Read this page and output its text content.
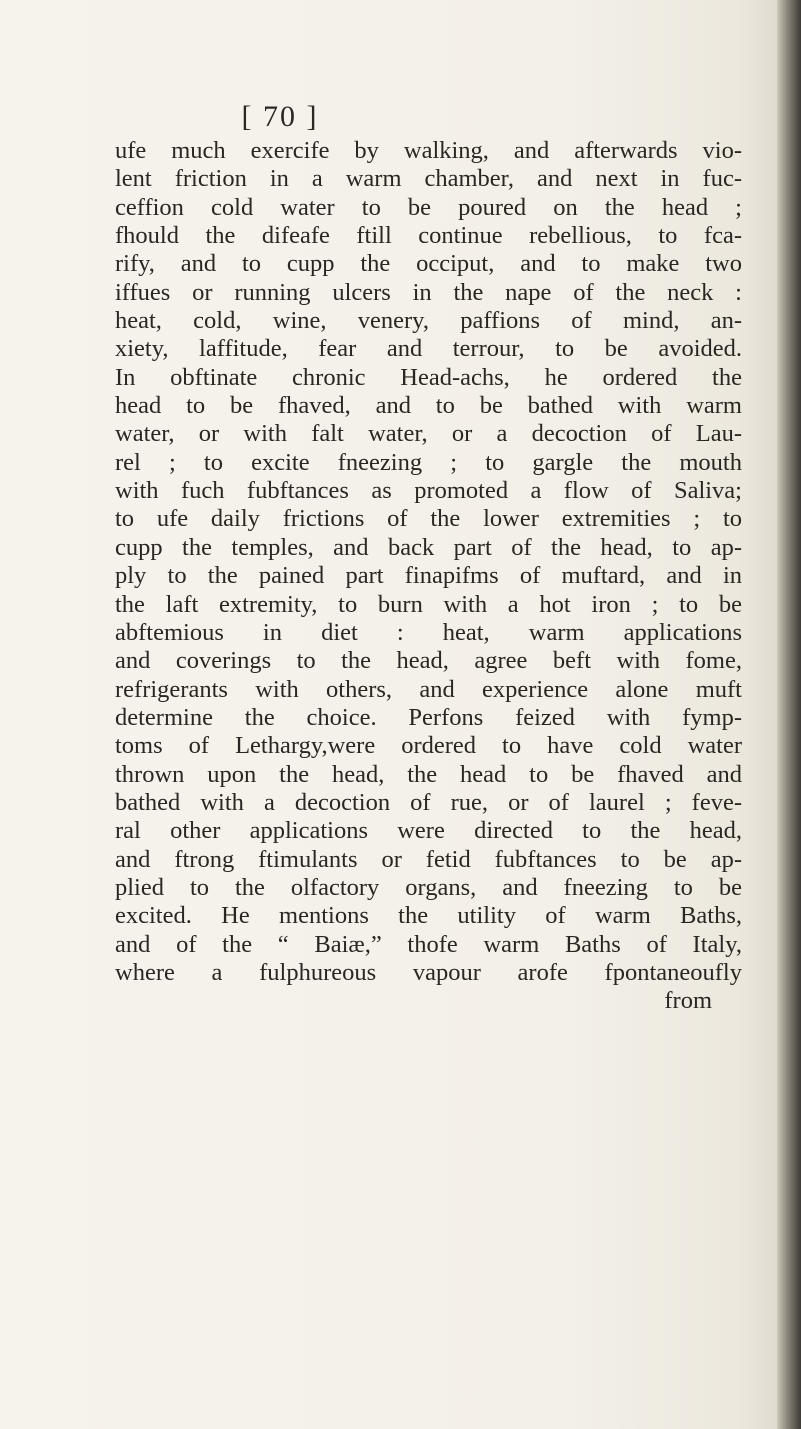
[ 70 ]
ufe much exercife by walking, and afterwards vio-
lent friction in a warm chamber, and next in fuc-
ceffion cold water to be poured on the head ;
fhould the difeafe ftill continue rebellious, to fca-
rify, and to cupp the occiput, and to make two
iffues or running ulcers in the nape of the neck :
heat, cold, wine, venery, paffions of mind, an-
xiety, laffitude, fear and terrour, to be avoided.
In obftinate chronic Head-achs, he ordered the
head to be fhaved, and to be bathed with warm
water, or with falt water, or a decoction of Lau-
rel ; to excite fneezing ; to gargle the mouth
with fuch fubftances as promoted a flow of Saliva;
to ufe daily frictions of the lower extremities ; to
cupp the temples, and back part of the head, to ap-
ply to the pained part finapifms of muftard, and in
the laft extremity, to burn with a hot iron ; to be
abftemious in diet : heat, warm applications
and coverings to the head, agree beft with fome,
refrigerants with others, and experience alone muft
determine the choice. Perfons feized with fymp-
toms of Lethargy,were ordered to have cold water
thrown upon the head, the head to be fhaved and
bathed with a decoction of rue, or of laurel ; feve-
ral other applications were directed to the head,
and ftrong ftimulants or fetid fubftances to be ap-
plied to the olfactory organs, and fneezing to be
excited. He mentions the utility of warm Baths,
and of the “ Baiæ,” thofe warm Baths of Italy,
where a fulphureous vapour arofe fpontaneoufly
from
